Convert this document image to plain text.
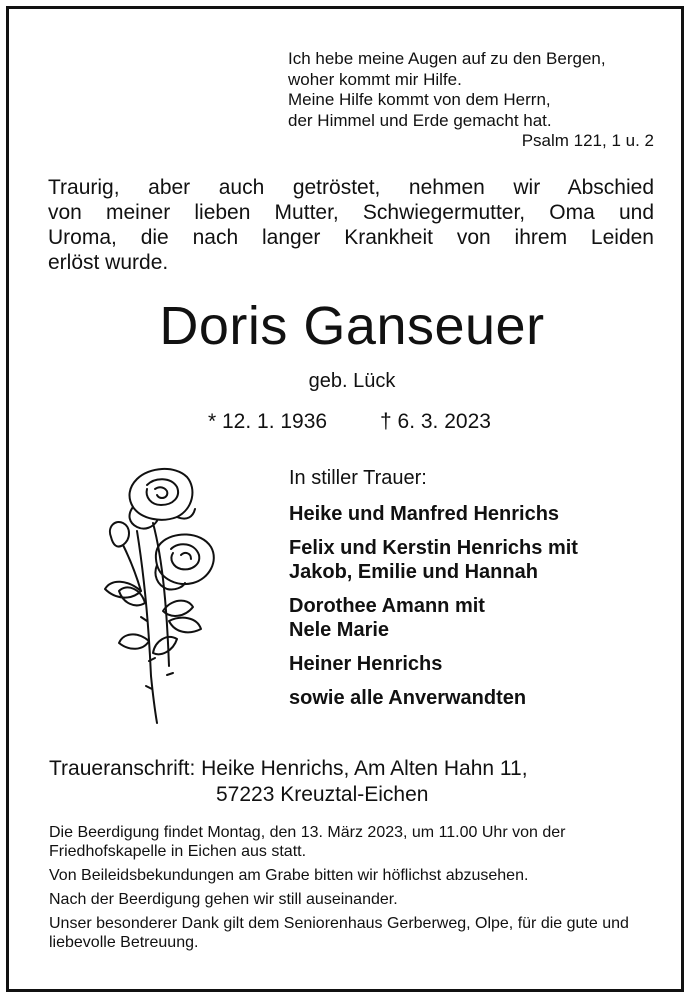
Ich hebe meine Augen auf zu den Bergen,
woher kommt mir Hilfe.
Meine Hilfe kommt von dem Herrn,
der Himmel und Erde gemacht hat.
Psalm 121, 1 u. 2
Traurig, aber auch getröstet, nehmen wir Abschied
von meiner lieben Mutter, Schwiegermutter, Oma und
Uroma, die nach langer Krankheit von ihrem Leiden
erlöst wurde.
Doris Ganseuer
geb. Lück
* 12. 1. 1936	† 6. 3. 2023
In stiller Trauer:
Heike und Manfred Henrichs
Felix und Kerstin Henrichs mit
Jakob, Emilie und Hannah
Dorothee Amann mit
Nele Marie
Heiner Henrichs
sowie alle Anverwandten
Traueranschrift: Heike Henrichs, Am Alten Hahn 11,
57223 Kreuztal-Eichen

Die Beerdigung findet Montag, den 13. März 2023, um 11.00 Uhr von der Friedhofskapelle in Eichen aus statt.

Von Beileidsbekundungen am Grabe bitten wir höflichst abzusehen.

Nach der Beerdigung gehen wir still auseinander.

Unser besonderer Dank gilt dem Seniorenhaus Gerberweg, Olpe, für die gute und liebevolle Betreuung.
